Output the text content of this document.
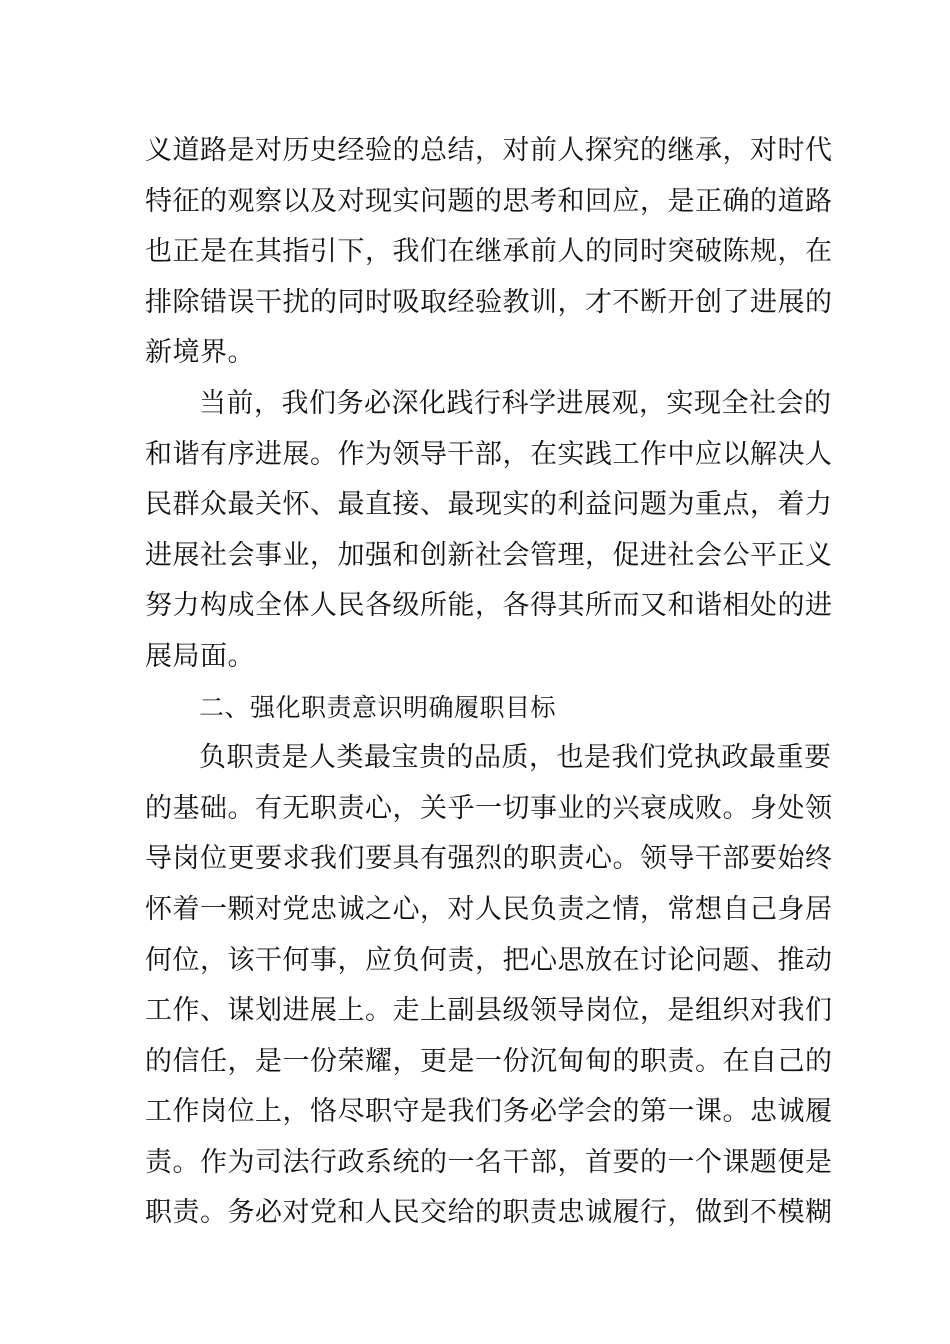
义道路是对历史经验的总结，对前人探究的继承，对时代
特征的观察以及对现实问题的思考和回应，是正确的道路
也正是在其指引下，我们在继承前人的同时突破陈规，在
排除错误干扰的同时吸取经验教训，才不断开创了进展的
新境界。
当前，我们务必深化践行科学进展观，实现全社会的
和谐有序进展。作为领导干部，在实践工作中应以解决人
民群众最关怀、最直接、最现实的利益问题为重点，着力
进展社会事业，加强和创新社会管理，促进社会公平正义
努力构成全体人民各级所能，各得其所而又和谐相处的进
展局面。
二、强化职责意识明确履职目标
负职责是人类最宝贵的品质，也是我们党执政最重要
的基础。有无职责心，关乎一切事业的兴衰成败。身处领
导岗位更要求我们要具有强烈的职责心。领导干部要始终
怀着一颗对党忠诚之心，对人民负责之情，常想自己身居
何位，该干何事，应负何责，把心思放在讨论问题、推动
工作、谋划进展上。走上副县级领导岗位，是组织对我们
的信任，是一份荣耀，更是一份沉甸甸的职责。在自己的
工作岗位上，恪尽职守是我们务必学会的第一课。忠诚履
责。作为司法行政系统的一名干部，首要的一个课题便是
职责。务必对党和人民交给的职责忠诚履行，做到不模糊
